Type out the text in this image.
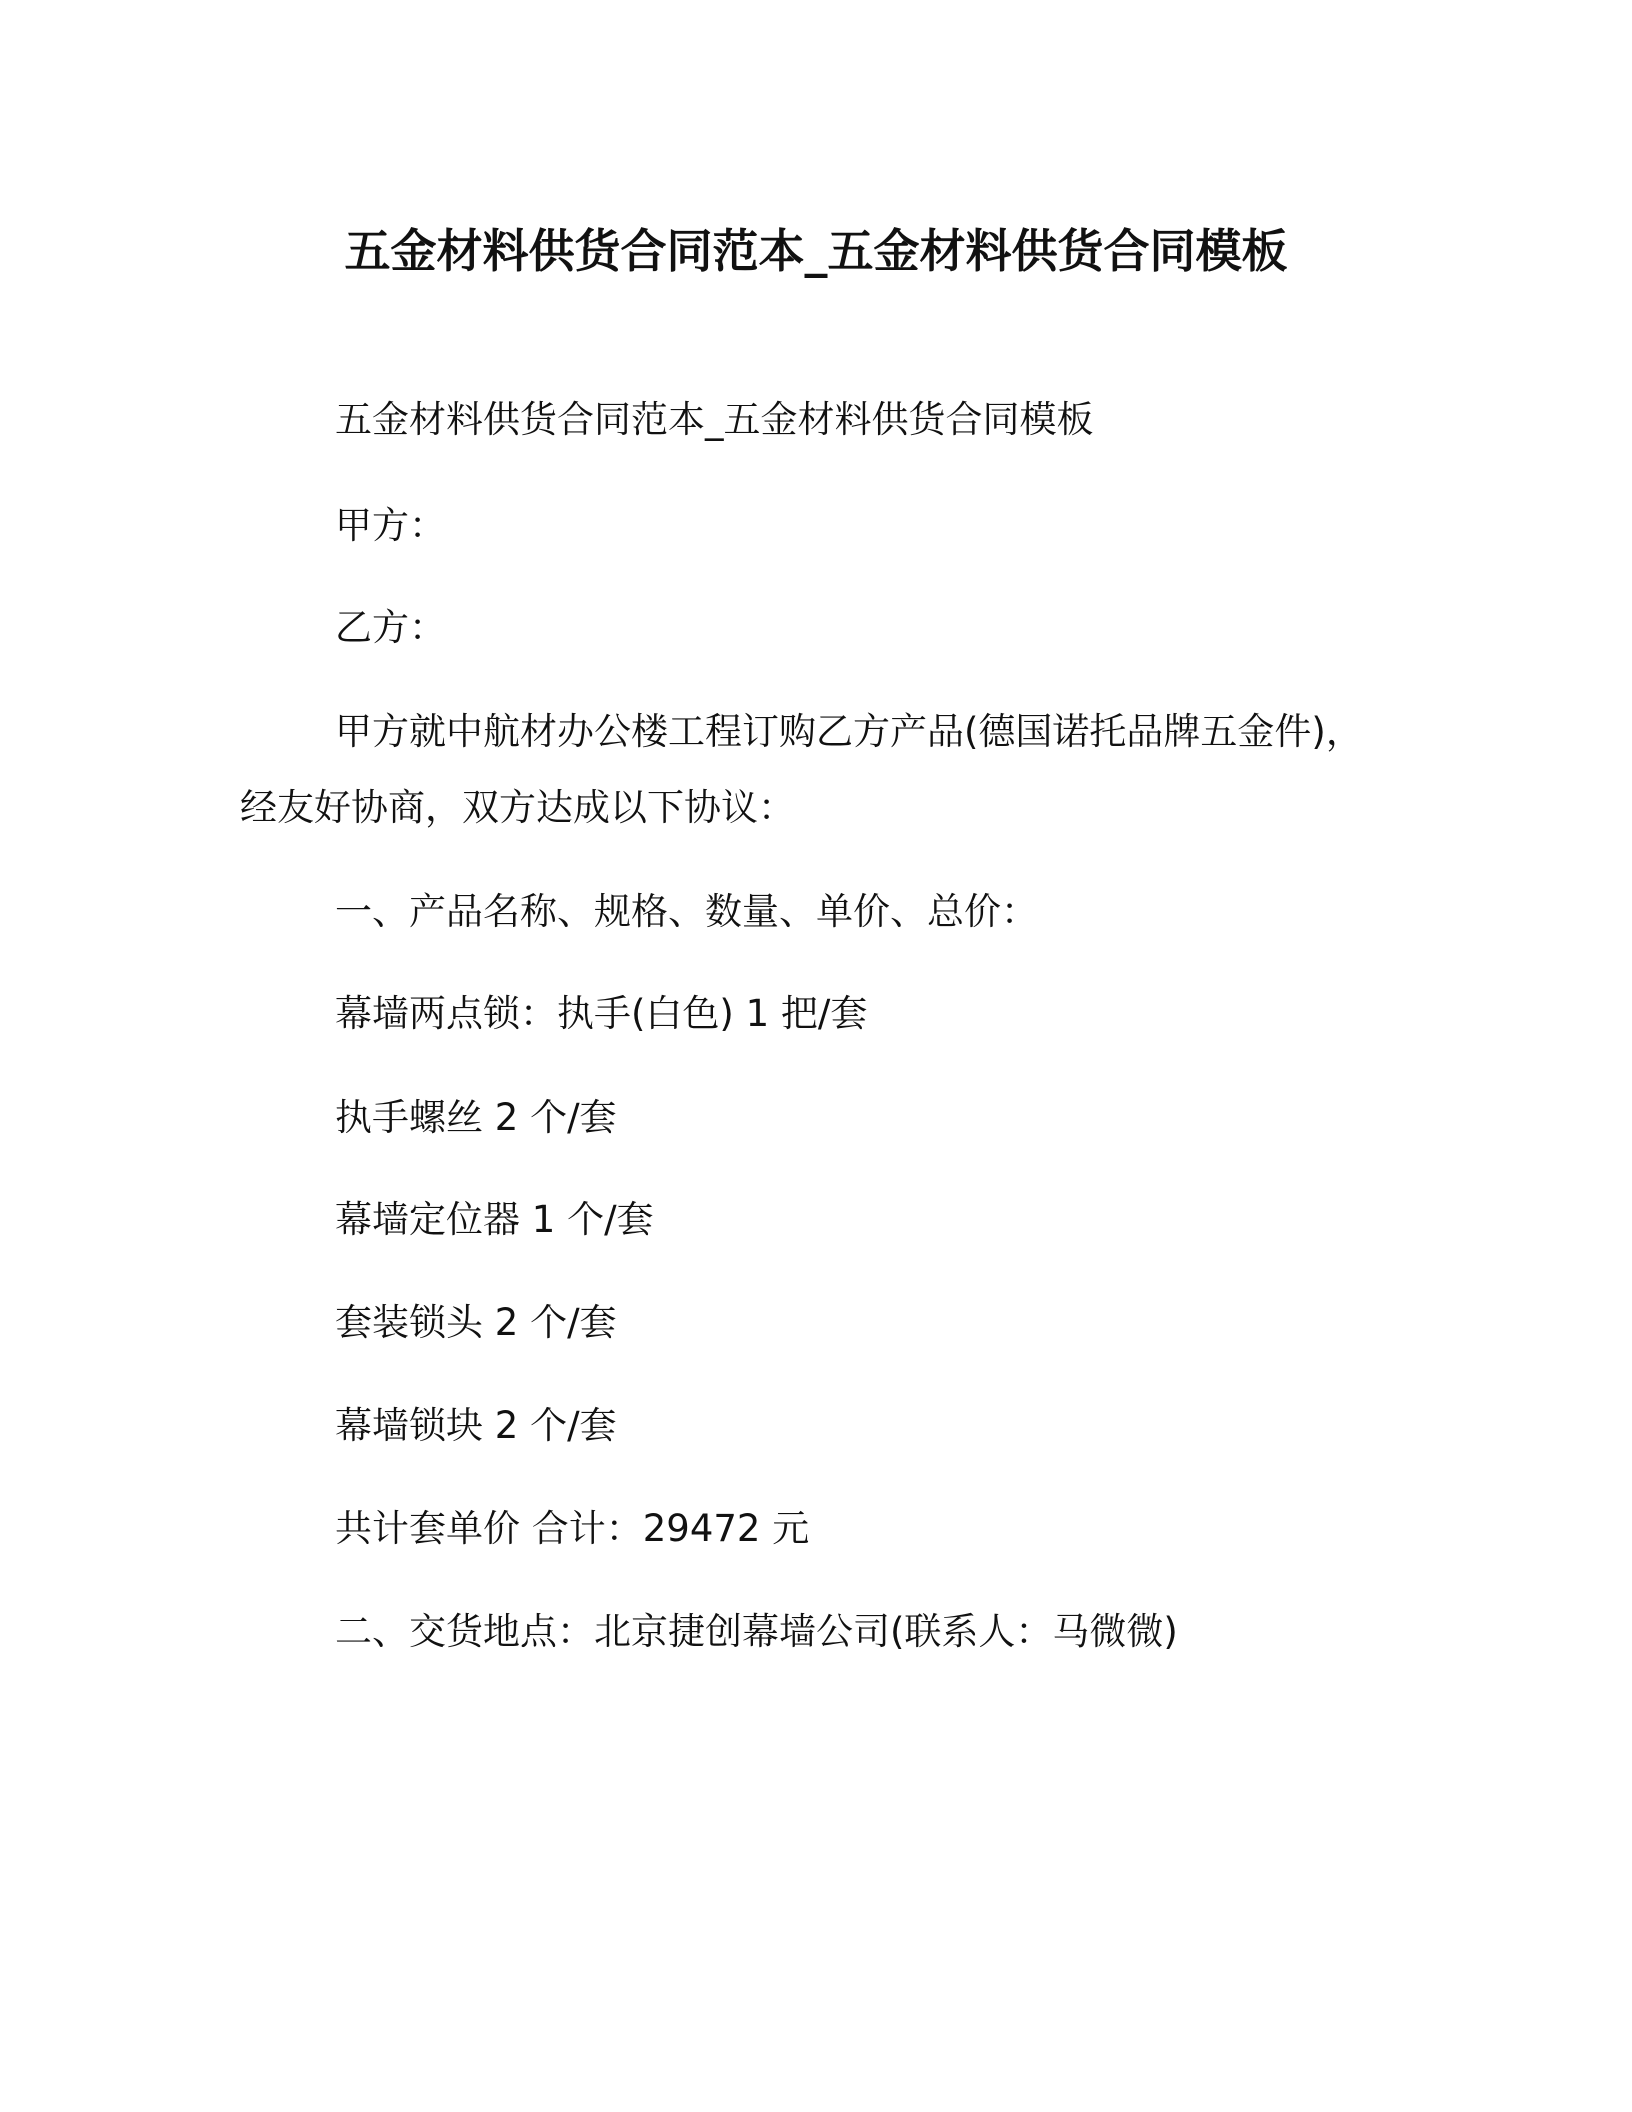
五金材料供货合同范本_五金材料供货合同模板

五金材料供货合同范本_五金材料供货合同模板

甲方：

乙方：

甲方就中航材办公楼工程订购乙方产品(德国诺托品牌五金件)，

经友好协商，双方达成以下协议：

一、产品名称、规格、数量、单价、总价：

幕墙两点锁：执手(白色) 1 把/套

执手螺丝 2 个/套

幕墙定位器 1 个/套

套装锁头 2 个/套

幕墙锁块 2 个/套

共计套单价 合计：29472 元

二、交货地点：北京捷创幕墙公司(联系人：马微微)
